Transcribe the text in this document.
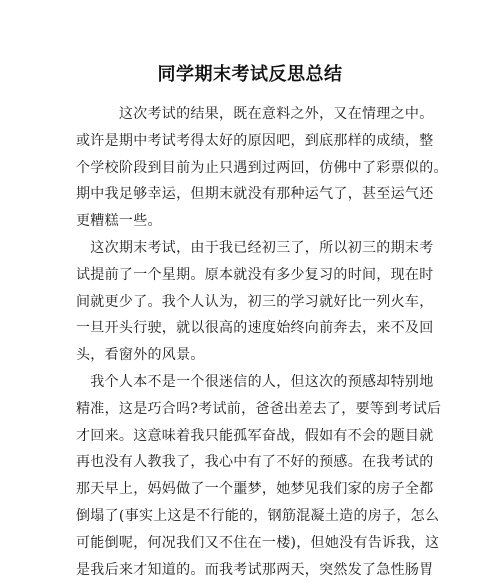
同学期末考试反思总结
　　　这次考试的结果，既在意料之外，又在情理之中。
或许是期中考试考得太好的原因吧，到底那样的成绩，整
个学校阶段到目前为止只遇到过两回，仿佛中了彩票似的。
期中我足够幸运，但期末就没有那种运气了，甚至运气还
更糟糕一些。
　这次期末考试，由于我已经初三了，所以初三的期末考
试提前了一个星期。原本就没有多少复习的时间，现在时
间就更少了。我个人认为，初三的学习就好比一列火车，
一旦开头行驶，就以很高的速度始终向前奔去，来不及回
头，看窗外的风景。
　我个人本不是一个很迷信的人，但这次的预感却特别地
精准，这是巧合吗?考试前，爸爸出差去了，要等到考试后
才回来。这意味着我只能孤军奋战，假如有不会的题目就
再也没有人教我了，我心中有了不好的预感。在我考试的
那天早上，妈妈做了一个噩梦，她梦见我们家的房子全都
倒塌了(事实上这是不行能的，钢筋混凝土造的房子，怎么
可能倒呢，何况我们又不住在一楼)，但她没有告诉我，这
是我后来才知道的。而我考试那两天，突然发了急性肠胃
